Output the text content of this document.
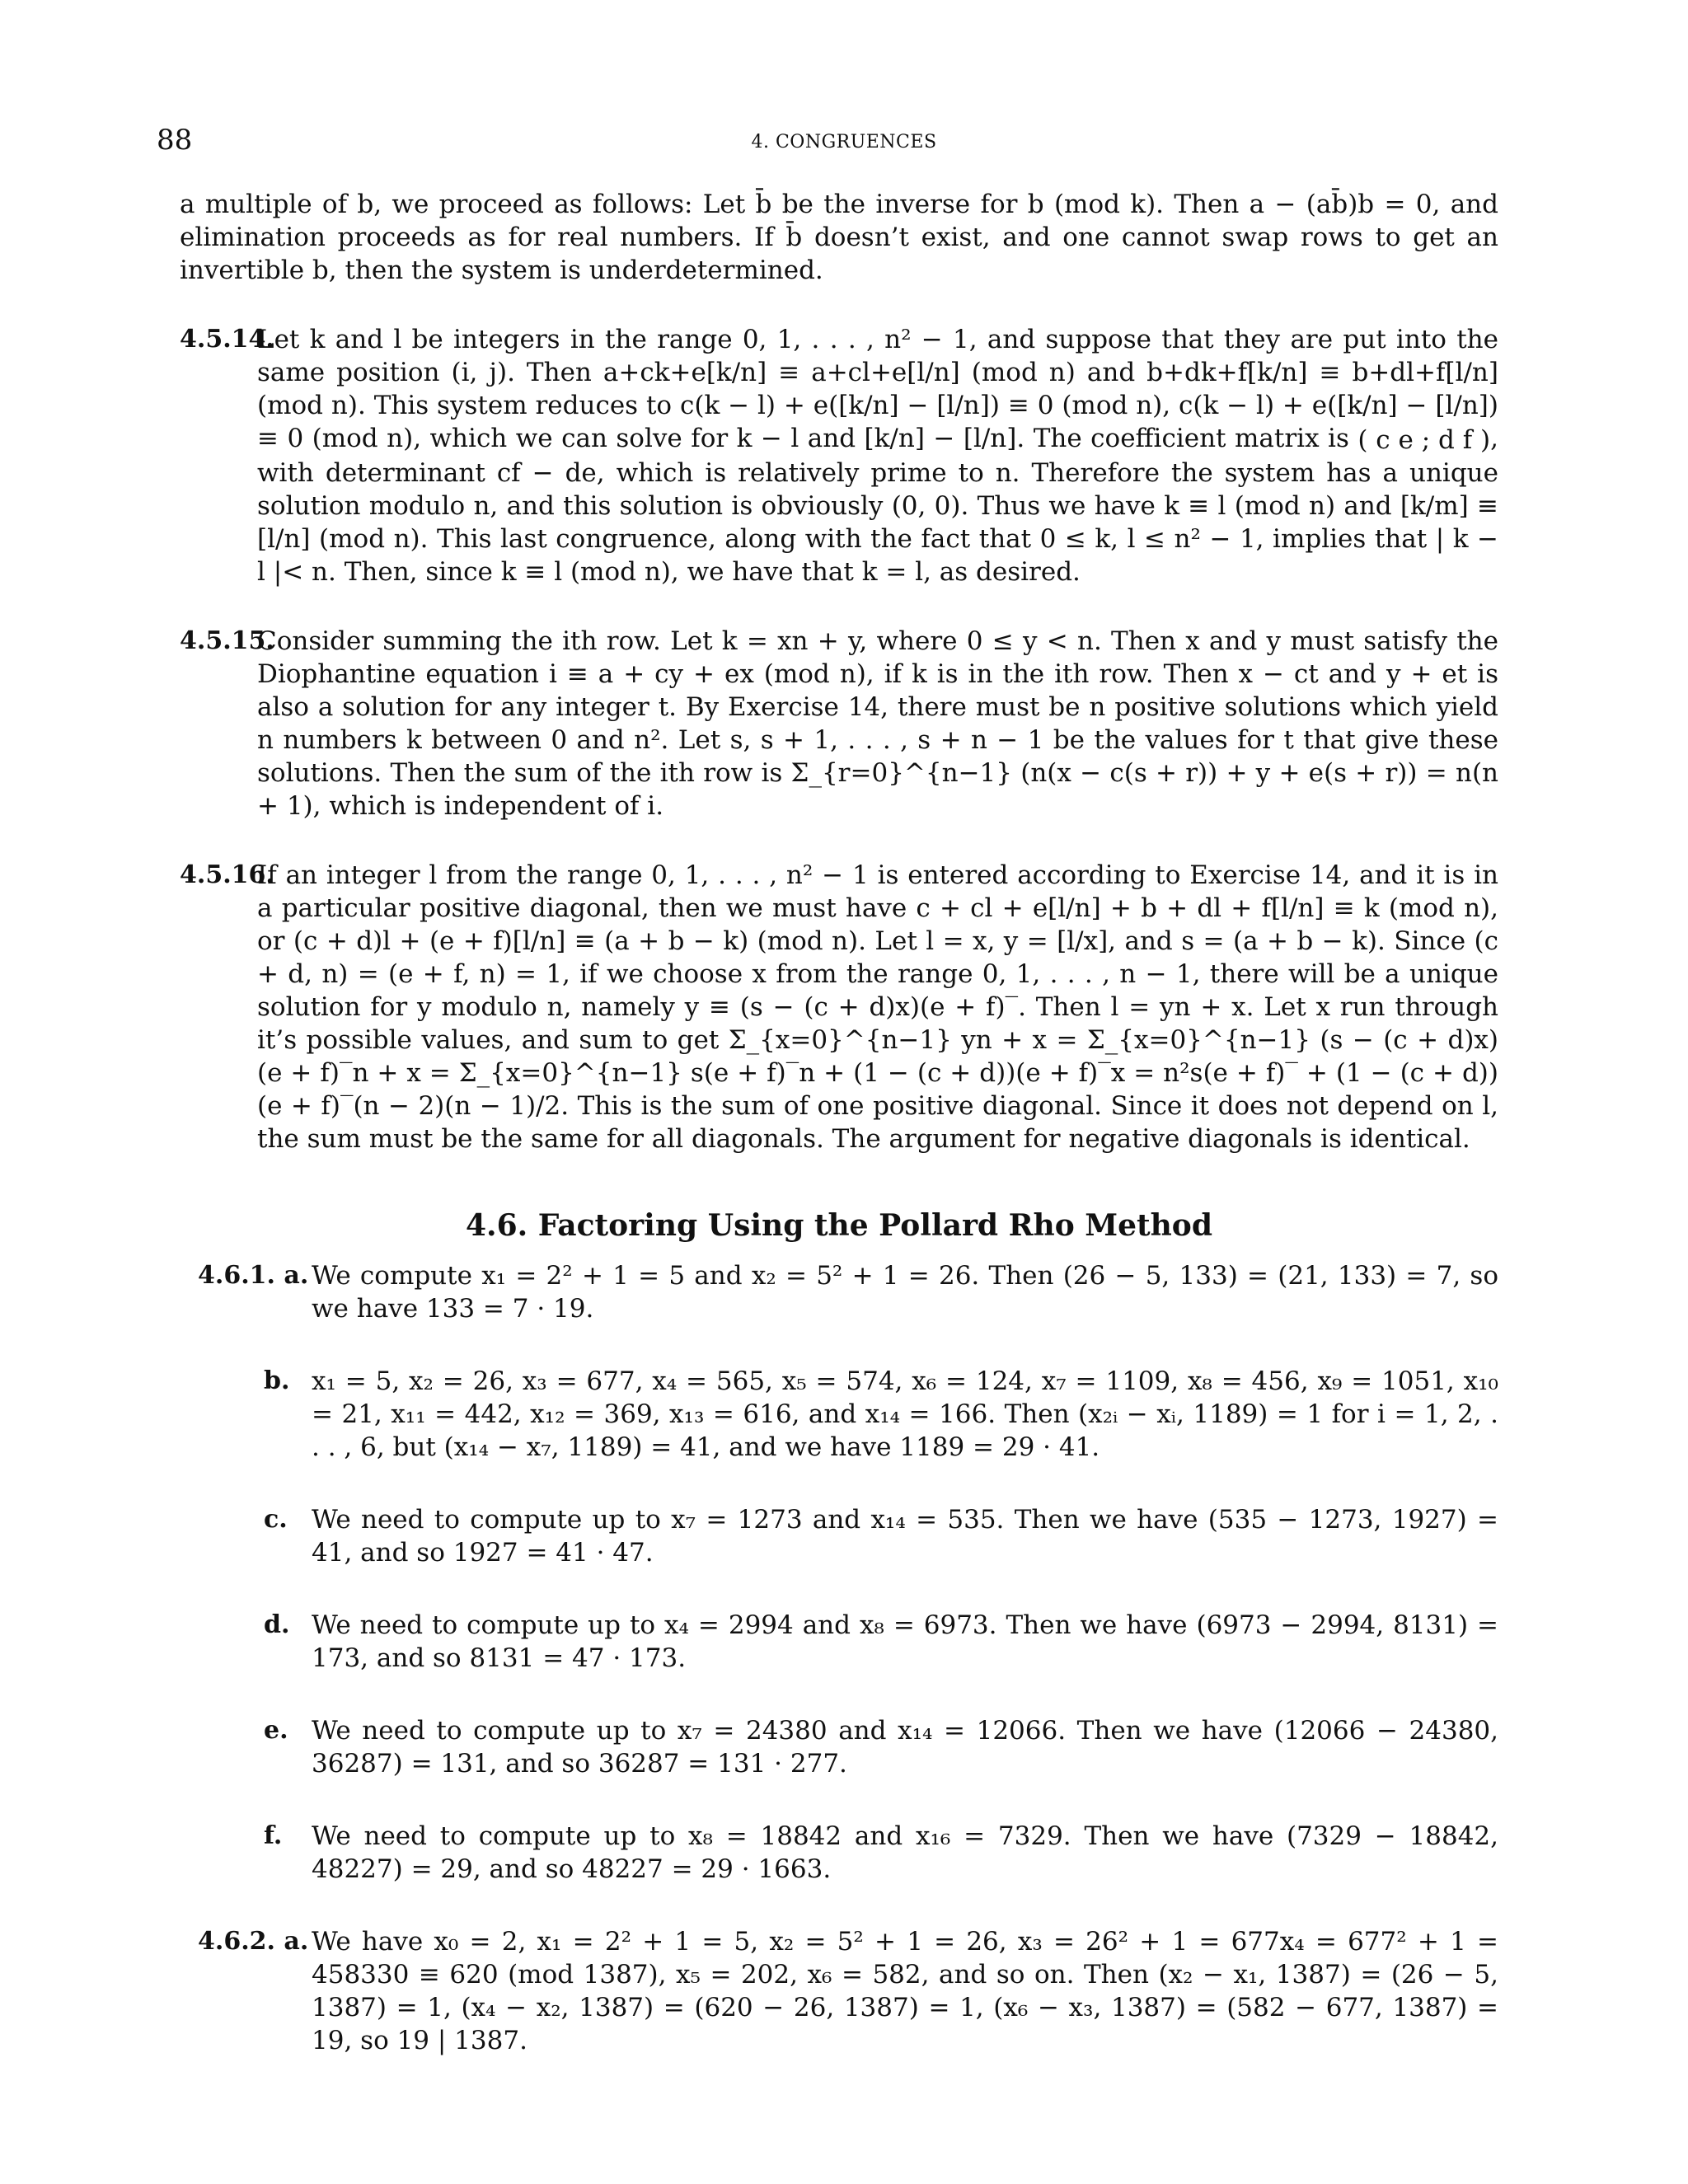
88	4. CONGRUENCES
a multiple of b, we proceed as follows: Let b̄ be the inverse for b (mod k). Then a − (ab̄)b = 0, and elimination proceeds as for real numbers. If b̄ doesn’t exist, and one cannot swap rows to get an invertible b, then the system is underdetermined.
4.5.14.
Let k and l be integers in the range 0, 1, . . . , n² − 1, and suppose that they are put into the same position (i, j). Then a+ck+e[k/n] ≡ a+cl+e[l/n] (mod n) and b+dk+f[k/n] ≡ b+dl+f[l/n] (mod n). This system reduces to c(k − l) + e([k/n] − [l/n]) ≡ 0 (mod n), c(k − l) + e([k/n] − [l/n]) ≡ 0 (mod n), which we can solve for k − l and [k/n] − [l/n]. The coefficient matrix is ( c e ; d f ), with determinant cf − de, which is relatively prime to n. Therefore the system has a unique solution modulo n, and this solution is obviously (0, 0). Thus we have k ≡ l (mod n) and [k/m] ≡ [l/n] (mod n). This last congruence, along with the fact that 0 ≤ k, l ≤ n² − 1, implies that | k − l |< n. Then, since k ≡ l (mod n), we have that k = l, as desired.
4.5.15.
Consider summing the ith row. Let k = xn + y, where 0 ≤ y < n. Then x and y must satisfy the Diophantine equation i ≡ a + cy + ex (mod n), if k is in the ith row. Then x − ct and y + et is also a solution for any integer t. By Exercise 14, there must be n positive solutions which yield n numbers k between 0 and n². Let s, s + 1, . . . , s + n − 1 be the values for t that give these solutions. Then the sum of the ith row is Σ_{r=0}^{n−1} (n(x − c(s + r)) + y + e(s + r)) = n(n + 1), which is independent of i.
4.5.16.
If an integer l from the range 0, 1, . . . , n² − 1 is entered according to Exercise 14, and it is in a particular positive diagonal, then we must have c + cl + e[l/n] + b + dl + f[l/n] ≡ k (mod n), or (c + d)l + (e + f)[l/n] ≡ (a + b − k) (mod n). Let l = x, y = [l/x], and s = (a + b − k). Since (c + d, n) = (e + f, n) = 1, if we choose x from the range 0, 1, . . . , n − 1, there will be a unique solution for y modulo n, namely y ≡ (s − (c + d)x)(e + f)‾. Then l = yn + x. Let x run through it’s possible values, and sum to get Σ_{x=0}^{n−1} yn + x = Σ_{x=0}^{n−1} (s − (c + d)x)(e + f)‾n + x = Σ_{x=0}^{n−1} s(e + f)‾n + (1 − (c + d))(e + f)‾x = n²s(e + f)‾ + (1 − (c + d))(e + f)‾(n − 2)(n − 1)/2. This is the sum of one positive diagonal. Since it does not depend on l, the sum must be the same for all diagonals. The argument for negative diagonals is identical.
4.6. Factoring Using the Pollard Rho Method
4.6.1. a. We compute x₁ = 2² + 1 = 5 and x₂ = 5² + 1 = 26. Then (26 − 5, 133) = (21, 133) = 7, so we have 133 = 7 · 19.
b. x₁ = 5, x₂ = 26, x₃ = 677, x₄ = 565, x₅ = 574, x₆ = 124, x₇ = 1109, x₈ = 456, x₉ = 1051, x₁₀ = 21, x₁₁ = 442, x₁₂ = 369, x₁₃ = 616, and x₁₄ = 166. Then (x₂ᵢ − xᵢ, 1189) = 1 for i = 1, 2, . . . , 6, but (x₁₄ − x₇, 1189) = 41, and we have 1189 = 29 · 41.
c. We need to compute up to x₇ = 1273 and x₁₄ = 535. Then we have (535 − 1273, 1927) = 41, and so 1927 = 41 · 47.
d. We need to compute up to x₄ = 2994 and x₈ = 6973. Then we have (6973 − 2994, 8131) = 173, and so 8131 = 47 · 173.
e. We need to compute up to x₇ = 24380 and x₁₄ = 12066. Then we have (12066 − 24380, 36287) = 131, and so 36287 = 131 · 277.
f.	We need to compute up to x₈ = 18842 and x₁₆ = 7329. Then we have (7329 − 18842, 48227) = 29, and so 48227 = 29 · 1663.
4.6.2. a. We have x₀ = 2, x₁ = 2² + 1 = 5, x₂ = 5² + 1 = 26, x₃ = 26² + 1 = 677x₄ = 677² + 1 = 458330 ≡ 620 (mod 1387), x₅ = 202, x₆ = 582, and so on. Then (x₂ − x₁, 1387) = (26 − 5, 1387) = 1, (x₄ − x₂, 1387) = (620 − 26, 1387) = 1, (x₆ − x₃, 1387) = (582 − 677, 1387) = 19, so 19 | 1387.
